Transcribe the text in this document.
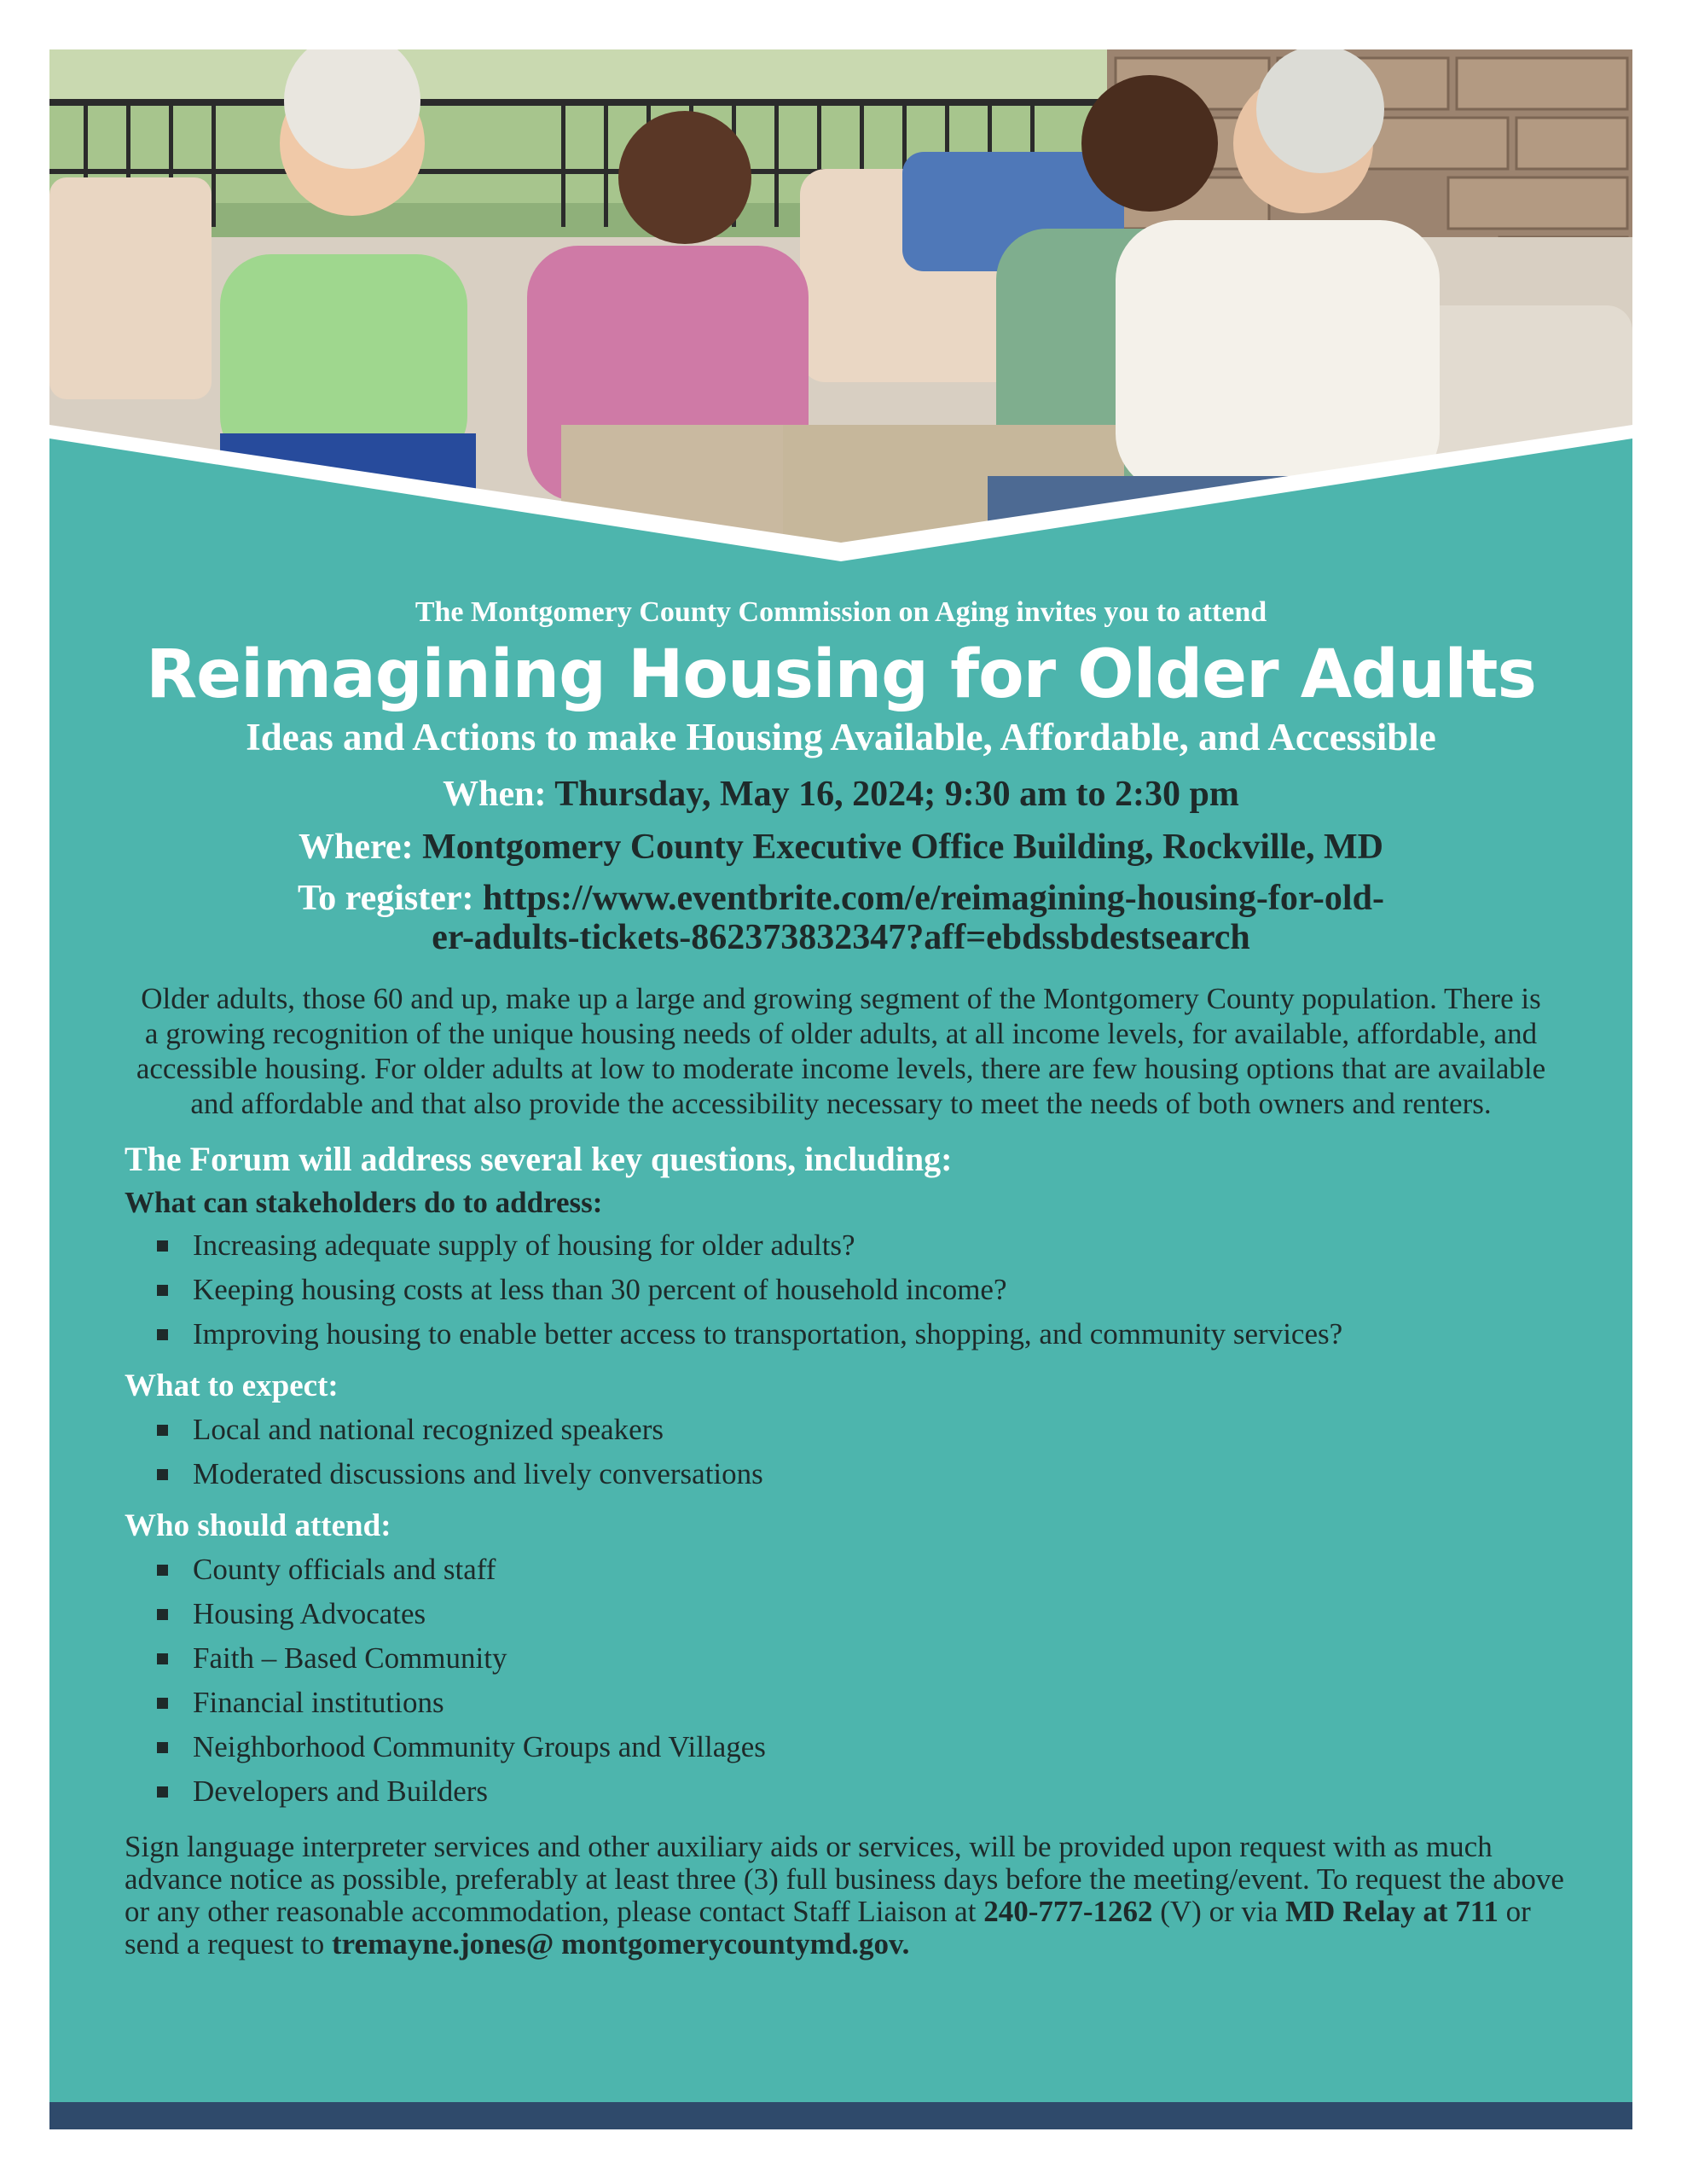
The Montgomery County Commission on Aging invites you to attend

Reimagining Housing for Older Adults

Ideas and Actions to make Housing Available, Affordable, and Accessible

When: Thursday, May 16, 2024; 9:30 am to 2:30 pm
Where: Montgomery County Executive Office Building, Rockville, MD
To register: https://www.eventbrite.com/e/reimagining-housing-for-old-
er-adults-tickets-862373832347?aff=ebdssbdestsearch

Older adults, those 60 and up, make up a large and growing segment of the Montgomery County population. There is a growing recognition of the unique housing needs of older adults, at all income levels, for available, affordable, and accessible housing. For older adults at low to moderate income levels, there are few housing options that are available and affordable and that also provide the accessibility necessary to meet the needs of both owners and renters.

The Forum will address several key questions, including:

What can stakeholders do to address:

Increasing adequate supply of housing for older adults?
Keeping housing costs at less than 30 percent of household income?
Improving housing to enable better access to transportation, shopping, and community services?

What to expect:

Local and national recognized speakers
Moderated discussions and lively conversations

Who should attend:

County officials and staff
Housing Advocates
Faith – Based Community
Financial institutions
Neighborhood Community Groups and Villages
Developers and Builders

Sign language interpreter services and other auxiliary aids or services, will be provided upon request with as much advance notice as possible, preferably at least three (3) full business days before the meeting/event. To request the above or any other reasonable accommodation, please contact Staff Liaison at 240-777-1262 (V) or via MD Relay at 711 or send a request to tremayne.jones@ montgomerycountymd.gov.
